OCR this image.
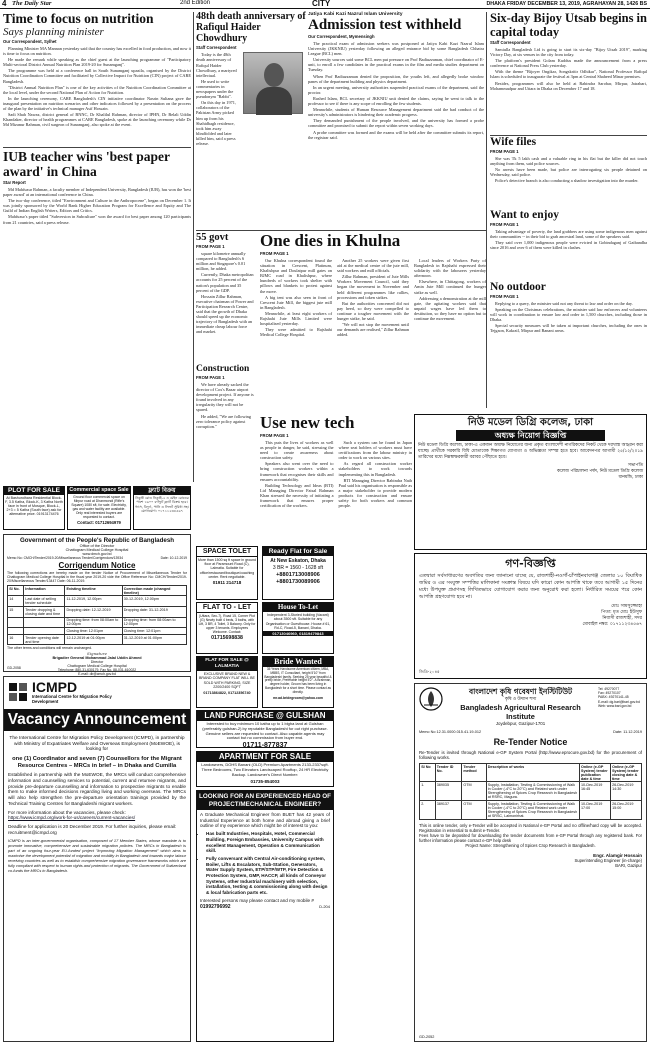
4 The Daily Star	2nd Edition	CITY	DHAKA FRIDAY DECEMBER 13, 2019, AGRAHAYAN 28, 1426 BS
Time to focus on nutrition
Says planning minister
Our Correspondent, Sylhet

Planning Minister MA Mannan yesterday said that the country has excelled in food production, and now it is time to focus on nutrition.

He made the remark while speaking as the chief guest at the launching programme of "Participatory Multi-sectoral District Annual Nutrition Plan 2019-20 for Sunamganj".

The programme was held at a conference hall in South Sunamganj upazila, organised by the District Nutrition Coordination Committee and facilitated by Collective Impact for Nutrition (CIN) project of CARE Bangladesh.

"District Annual Nutrition Plan" is one of the key activities of the Nutrition Coordination Committee at the local level, under the second National Plan of Action for Nutrition.

In the launching ceremony, CARE Bangladesh's CIN initiative coordinator Nasrin Sultana gave the inaugural presentation on nutrition scenarios and other indicators followed by a presentation on the process of the plan by the initiative's technical manager Asif Hossain.

Sadi Shah Nawaz, district general of BNNC, Dr Khalilul Rahman, director of IPHN, Dr Belali Uddin Khandaker, director of health programmes at CARE Bangladesh, spoke at the launching ceremony while Dr Md Mizanur Rahman, civil surgeon of Sunamganj, also spoke at the event.

48th death anniversary of Rafiqul Haider Chowdhury
Staff Correspondent

Today is the 48th death anniversary of Rafiqul Haider Chowdhury, a martyred intellectual.

He used to write commentaries in newspapers under the pseudonym "Rabbi".

On this day in 1971, collaborators of the Pakistan Army picked him up from his Shahidbagh residence, took him away blindfolded and later killed him, said a press release.

Jatiya Kabi Kazi Nazrul Islam University
Admission test withheld
Our Correspondent, Mymensingh

The practical exam of admission seekers was postponed at Jatiya Kabi Kazi Nazrul Islam University (JKKNIU) yesterday following an alleged entrance bid by some Bangladesh Chhatra League (BCL) men.

University sources said some BCL men put pressure on Prof Badiuzzaman, chief coordinator of E-unit, to enroll a few candidates in the practical exams in the film and media studies department on Tuesday.

When Prof Badiuzzaman denied the proposition, the youths left, and allegedly broke window panes of the department building and physics department.

In an urgent meeting, university authorities suspended practical exams of the department, said the proctor.

Rashed Islam, BCL secretary of JKKNIU unit denied the claims, saying he went to talk to the professor to see if there is any scope of enrolling the few students.

Meanwhile, students of Human Resource Management department said the bad conduct of the university's administrators is hindering their academic progress.

They demanded punishment of the people involved, and the university has formed a probe committee and promised to submit the report within seven working days.

A probe committee was formed and the exams will be held after the committee submits its report, the registrar said.

Six-day Bijoy Utsab begins in capital today
Staff Correspondent

Samiulla Bangladesh Ltd is going to start its six-day "Bijoy Utsab 2019", marking Victory Day, at six venues in the city from today.

The platform's president Golam Kuddus made the announcement from a press conference at National Press Club yesterday.

With the theme "Bijoyer Ongikar, Songskritir Odhikar", National Professor Rafiqul Islam is scheduled to inaugurate the festival at 3pm at Central Shaheed Minar premises.

Besides, programmes will also be held at Rabindra Sarobar, Mirpur, Jatrabari, Mohammadpur and Uttara in Dhaka on December 17 and 18.

Wife files
FROM PAGE 1

She was Tk 5 lakh cash and a valuable ring in his flat but the killer did not touch anything from them, said police sources.

No arrests have been made, but police are interrogating six people detained on Wednesday, said police.

Police's detective branch is also conducting a shadow investigation into the murder.

Want to enjoy
FROM PAGE 1

Taking advantage of poverty, the land grabbers are using some indigenous men against their communities -- in their bid to grab ancestral land, some of the speakers said.

They said over 1,000 indigenous people were evicted in Gobindaganj of Gaibandha since 2016 and over 6 of them were killed in clashes.

No outdoor
FROM PAGE 1

Replying to a query, the minister said not any threat to law and order on the day.

Speaking on the Christmas celebrations, the minister said law enforcers and volunteers will work in coordination to ensure law and order in 1,500 churches, including those in Dhaka.

Special security measures will be taken at important churches, including the ones in Tejgaon, Kakrail, Mirpur and Banani areas.

IUB teacher wins 'best paper award' in China
Star Report

Md Mahfuzur Rahman, a faculty member of Independent University, Bangladesh (IUB), has won the 'best paper award' at an international conference in China.

The two-day conference, titled "Environment and Culture in the Anthropocene", began on December 1. It was jointly sponsored by the World Bank Higher Education Program for Excellence and Equity and The Guild of Indian English Writers, Editors and Critics.

Mahfuzur's paper titled "Subversion in Subculture" won the award for best paper among 120 participants from 21 countries, said a press release.

55 govt
FROM PAGE 1

square kilometre annually compared to Bangladesh's 6 million and Singapore's 0.01 million, he added.

Currently, Dhaka metropolitan accounts for 25 percent of the nation's population and 35 percent of the GDP.

Hossain Zillur Rahman, executive chairman of Power and Participation Research Centre, said that the growth of Dhaka should speed up the economic trajectory of Bangladesh with an immediate cheap labour force and market.

Construction
FROM PAGE 1

We have already sacked the director of Cox's Bazar airport development project. If anyone is found involved in any irregularity they will not be spared.

He added, "We are following zero tolerance policy against corruption."

One dies in Khulna
FROM PAGE 1

Our Khulna correspondent found the situation in Crescent, Platinum, Khalishpur and Doulatpur mill gates on BJMC road in Khalishpur, where hundreds of workers took shelter with pillows and blankets to protest against the move.

A big tent was also seen in front of Crescent Jute Mill, the biggest jute mill in Bangladesh.

Meanwhile, at least eight workers of Rajshahi Jute Mills Limited were hospitalised yesterday.

They were admitted to Rajshahi Medical College Hospital.

Another 25 workers were given first aid at the medical centre of the jute mill, said workers and mill officials.

Zillur Rahman, president of Jute Mills Workers Movement Council, said they began the movement in November and held different programmes like rallies, processions and token strikes.

But the authorities concerned did not pay heed, so they were compelled to continue a tougher movement with the hunger strike, he said.

"We will not stop the movement until our demands are realised," Zillur Rahman added.

Local leaders of Workers Party of Bangladesh in Rajshahi expressed their solidarity with the labourers yesterday afternoon.

Elsewhere, in Chittagong, workers of Amin Jute Mill continued the hunger strike as well.

Addressing a demonstration at the mill gate, the agitating workers said that unpaid wages have led them to destitution, so they have no option but to continue the movement.

Use new tech
FROM PAGE 1

This puts the lives of workers as well as people in danger, he said, stressing the need to create awareness about construction safety.

Speakers also went over the need to bring construction workers within a framework that recognises their skills and ensures accountability.

Building Technology and Ideas (BTI) Ltd Managing Director Faisal Rahman Khan stressed the necessity of initiating a framework that ensures proper certification of the workers.

Such a system can be found in Japan where seat holders of workers must have certifications from the labour ministry in order to work on various sites.

As regard all construction worker stakeholders to work towards implementing this in Bangladesh.

BTI Managing Director Rabindra Nath Paul said his organisation is responsible as a major stakeholder to provide modern products for construction and ensure safety for both workers and common people.

PLOT FOR SALE
At Bashundhara Residential Block-F, 3.5 Katha, Block-K, 3 Katha North face in front of Mosque, Block-L, 2+3 = 5 Katha (South face) ask for alternative price. 01913174476
Commercial space Sale
Ground floor commercial space on Mirpur road at Dhanmondi (Rifle's Square) 1080 sft, for sale. Electricity, gas and water facility are available. Only real interested buyers are requested to contact.
Contact: 01712694979
ফ্ল্যাট বিক্রয়
নিকুঞ্জ রোড নিকুঞ্জ-২ এ মেইন রোডের পাশে ১৬০০ বর্গফুট ফ্ল্যাট বিক্রয় হবে। গ্যাস, বিদ্যুৎ, পানি ও লিফট সুবিধা সহ। যোগাযোগ: ০১৭১১২৩৪৫৬৭
Government of the People's Republic of Bangladesh
Office of the Director
Chattogram Medical College Hospital
www.dmch.gov.bd
Memo No: CMCH/Tender/2019-20/Miscellaneous Tender/Corrigendum/13934	Date: 10-12-2019
Corrigendum Notice
The following corrections are hereby made on the tender Notice of Procurement of Miscellaneous Tender for Chattogram Medical College Hospital in the fiscal year 2019-20 vide the Office Reference No: CMCH/Tender/2019-20/Miscellaneous Tender/13447 Date: 06-11-2019.
Sl No.	Information	Existing timeline	Correction made (changed timeline)
14	Last date of selling tender schedule	11-12-2019, 12.00pm	30-12-2019, 12.00pm
15	Tender dropping & closing date and time	Dropping date: 12-12-2019	Dropping date: 31-12-2019
		Dropping time: from 08:00am to 12:00pm	Dropping time: from 08:00am to 12:00pm
		Closing time: 12:01pm	Closing time: 12:01pm
16	Tender opening date and time	12-12-2019 at 01:00pm	31-12-2019 at 01:00pm
The other terms and conditions will remain unchanged.
Signature
Brigadier General Mohammad Jalal Uddin Ahmed
Director
Chattogram Medical College Hospital
Telephone: 880-31-630179, Fax No. 88-031-610022
E-mail: dir@cmch.gov.bd
GD-2058
ICMPD
International Centre for Migration Policy Development
Vacancy Announcement
The International Centre for Migration Policy Development (ICMPD), in partnership with Ministry of Expatriates Welfare and Overseas Employment (MoEWOE), is looking for
one (1) Coordinator and seven (7) Counsellors for the Migrant Resource Centres – MRCs in brief – in Dhaka and Cumilla
Established in partnership with the MoEWOE, the MRCs will conduct comprehensive information and counselling services to potential, current and returnee migrants, and provide pre-departure counselling and information to prospective migrants to enable them to make informed decisions regarding living and working overseas. The MRCs will also help strengthen the pre-departure orientation trainings provided by the Technical Training Centres for Bangladeshi migrant workers.
For more information about the vacancies, please check:
https://www.icmpd.org/work-for-us/careers/current-vacancies/
Deadline for application is 20 December 2019. For further inquiries, please email: recruitment@icmpd.org
ICMPD is an inter-governmental organisation, composed of 17 Member States, whose mandate is to promote innovative, comprehensive and sustainable migration policies. The MRCs in Bangladesh is part of an ongoing four-year EU-funded project "Improving Migration Management" which aims to maximise the development potential of migration and mobility in Bangladesh and towards major labour receiving countries as well as to establish comprehensive migration governance frameworks which are fully compliant with respect to human rights and protection of migrants. The Government of Switzerland co-funds the MRCs in Bangladesh.
SPACE TOLET
More than 1500 sq ft space in ground floor at Paramount Road (C), Lalmatia. Suitable for office/restaurant/boutique/coaching center. Rent negotiable.
01911 214718
Ready Flat for Sale
At New Eskaton, Dhaka
3 BR = 1560 - 1628 sft
+8801713008906
+8801730089906
FLAT TO - LET
(Uttara, Sec-7), Road 15, Corner Plot (G) Newly built 4 beds, 3 baths, with Lift, 3 BR, 4 Toilet, 3 Balcony. Only for upper 3 tenants. Employees Welcome. Contact:
01715698838
House To-Let
Independent 3-Storied building (Vacant) about 3500 sft. Suitable for any Organisation or Guesthouse. House # 61, Rd-C, Road-5, Banani, Dhaka.
01713046960, 01819479843
FLAT FOR SALE @ LALMATIA
EXCLUSIVE BRAND NEW & BRAND COMPANY FLAT WILL BE SOLD WITH PARKING, SIZE 2200/2400 SQFT
01713864822, 01712356740
Bride Wanted
35 Years Handsome American citizen, MBA, MBBS, IT Consultant, height 5'10" from Bangladeshi family. Seeking 25 year beautiful & pretty bride, Preferable height 5'2". A Brahman, degree holder, Groom has been living in Bangladesh for a short time. Please contact as directly.
mr.ad.bridegroom@yahoo.com
LAND PURCHASE @ GULSHAN
Interested to buy minimum 10 katha up to 1 bigha land at Gulshan (preferably gulshan-2) by reputable Bangladeshi for out right purchase. Genuine sellers are requested to contact. Also capable agents may contact but no commission from buyer end.
01711-877837
APARTMENT FOR SALE
Landowners, DOHS Banani (OLD) Premium Apartments 2133-2337sqft. Three Bedrooms, Two Elevators Landscaped Rooftop, 24 HR Electricity Backup. Landowner's Direct Number:
01735-854003
LOOKING FOR AN EXPERIENCED HEAD OF PROJECT/MECHANICAL ENGINEER?
A Graduate Mechanical Engineer from BUET has 42 years of Industrial Experience at both home and abroad giving a brief outline of my experience which might be of interest to you:
• Has built Industries, Hospitals, Hotel, Commercial Building, Foreign Embassies, University Campus with excellent Management, Operation & Communication skill.
• Fully conversant with Central Air-conditioning system, Boiler, Lifts & Escalators, Sub-Station, Generators, Water Supply System, ETP/STP/WTP, Fire Detection & Protection System, GMP, HACCP, all kinds of Conveyor Systems, other Industrial machinery with selection, installation, testing & commissioning along with design & local fabrication parts etc.
Interested persons may please contact and my mobile #
01992796992	D-204
নিউ মডেল ডিগ্রি কলেজ, ঢাকা
অধ্যক্ষ নিয়োগ বিজ্ঞপ্তি
নিউ মডেল ডিগ্রি কলেজ, ঢাকা-এ একজন অধ্যক্ষ নিয়োগের জন্য প্রকৃত বাংলাদেশী নাগরিকদের নিকট থেকে দরখাস্ত আহ্বান করা যাচ্ছে। প্রার্থীকে সরকারি বিধি মোতাবেক শিক্ষাগত যোগ্যতা ও অভিজ্ঞতা সম্পন্ন হতে হবে। আবেদনপত্র আগামী ২৫/১২/২০১৯ তারিখের মধ্যে নিম্নস্বাক্ষরকারী বরাবর পৌঁছাতে হবে।
সভাপতি
কলেজ পরিচালনা পর্ষদ, নিউ মডেল ডিগ্রি কলেজ
ধানমন্ডি, ঢাকা
গণ-বিজ্ঞপ্তি
এতদ্বারা সর্বসাধারণের অবগতির জন্য জানানো যাচ্ছে যে, রাজশাহী-নওগাঁ-চাঁপাইনবাবগঞ্জ জেলার ১০ বিঘাধিক জমির ও এর সংযুক্ত সম্পত্তির মালিকানা সংক্রান্ত বিষয়ে যদি কারো কোন আপত্তি থাকে তবে আগামী ১৫ দিনের মধ্যে উপযুক্ত প্রমাণসহ লিখিতভাবে যোগাযোগ করার জন্য অনুরোধ করা হলো। নির্ধারিত সময়ের পরে কোন আপত্তি গ্রহণযোগ্য হবে না।
মোঃ সামসুজ্জোহা
পিতা: মৃত মোঃ ইউসুফ
নিবাসী রাজশাহী, সদর
মোবাইল নম্বর: ০১৭১১২৩৪৫৬৭
জিডি-২০৪৫
বাংলাদেশ কৃষি গবেষণা ইনস্টিটিউট
কৃষি ও উদ্যান শস্য
Bangladesh Agricultural Research Institute
Joydebpur, Gazipur-1701
Tel: 49270077
Fax: 49270107
PABX: 49270141-45
E-mail: dg.bari@bari.gov.bd
Web: www.bari.gov.bd
Memo No 12.31.0000.015.41.19-012	Date: 11.12.2019
Re-Tender Notice
Re-Tender is invited through National e-GP System Portal (http://www.eprocure.gov.bd) for the procurement of following works.
Sl No	Tender ID No.	Tender method	Description of works	Online (e-GP System) tender publication date & time	Online (e-GP System) tender closing date & time
1.	389035	OTM	Supply, Installation, Testing & Commissioning of Walk in Cooler (-4°C to 20°C) and Related work under Strengthening of Spices Crop Research in Bangladesh at RSRC, Magura.	10-Dec-2019 16:45	26-Dec-2019 14:30
2.	389137	OTM	Supply, Installation, Testing & Commissioning of Walk in Cooler (-4°C to 20°C) and Related work under Strengthening of Spices Crop Research in Bangladesh at SRSC, Lalmonirhat.	10-Dec-2019 17:00	26-Dec-2019 15:00
This is online tender, only e-Tender will be accepted in National e-GP Portal and no offline/hard copy will be accepted. Registration in essential to submit e-Tender.
Fees have to be deposited for downloading the tender documents from e-GP Portal through any registered bank. For further information please contact e-GP help desk
Project Name: Strengthening of Spices Crop Research in Bangladesh.
Engr. Alamgir Hossain
Superintending Engineer (in-charge)
BARI, Gazipur
GD-2052
